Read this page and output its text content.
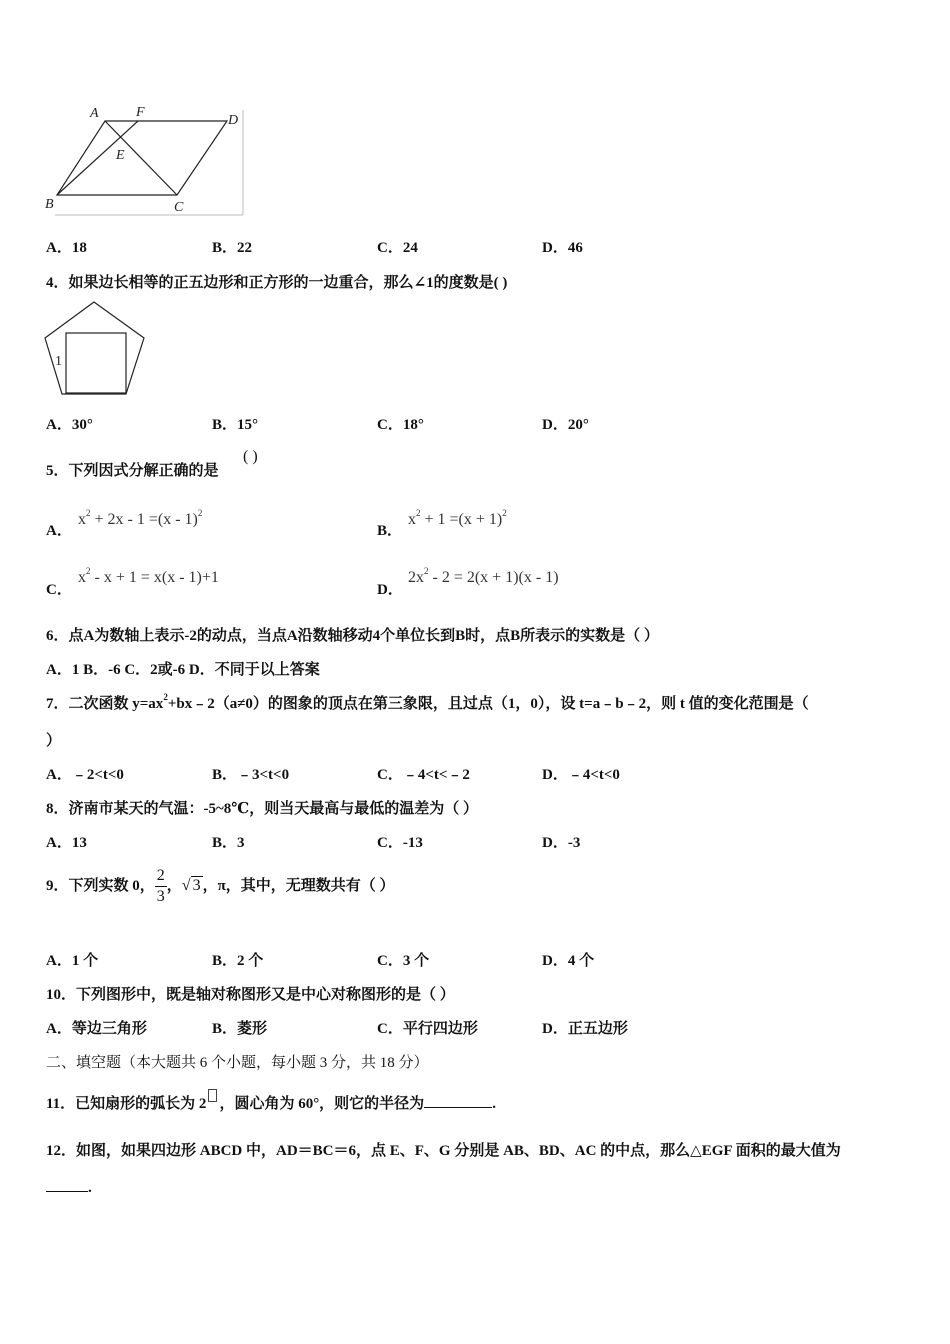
A	F
D
E
B	C
A．18	B．22	C．24	D．46
4．如果边长相等的正五边形和正方形的一边重合，那么∠1的度数是( )
1
A．30°	B．15°	C．18°	D．20°
5．下列因式分解正确的是
( )
A．
$x^2 + 2x - 1 =(x - 1)^2$
B．
$x^2 + 1 =(x + 1)^2$
C．
$x^2 - x + 1 = x(x - 1)+1$
D．
$2x^2 - 2 = 2(x + 1)(x - 1)$
6．点A为数轴上表示-2的动点，当点A沿数轴移动4个单位长到B时，点B所表示的实数是（ ）
A．1 B．-6 C．2或-6 D．不同于以上答案
7．二次函数 $y=ax^2+bx﹣2(a\ne 0)$的图象的顶点在第三象限，且过点（1，0），设 t=a﹣b﹣2，则 t 值的变化范围是（
）
A．﹣2<t<0	B．﹣3<t<0	C．﹣4<t<﹣2	D．﹣4<t<0
8．济南市某天的气温：-5~8℃，则当天最高与最低的温差为（ ）
A．13	B．3	C．-13	D．-3
9．下列实数 0， $\frac{2}{3}$ ，√ 3 ，π，其中，无理数共有（ ）
A．1 个	B．2 个	C．3 个	D．4 个
10．下列图形中，既是轴对称图形又是中心对称图形的是（ ）
A．等边三角形	B．菱形	C．平行四边形	D．正五边形
二、填空题（本大题共 6 个小题，每小题 3 分，共 18 分）
11．已知扇形的弧长为 2 ，圆心角为 60°，则它的半径为	.
12．如图，如果四边形 ABCD 中，AD＝BC＝6，点 E、F、G 分别是 AB、BD、AC 的中点，那么△EGF 面积的最大值为
.
